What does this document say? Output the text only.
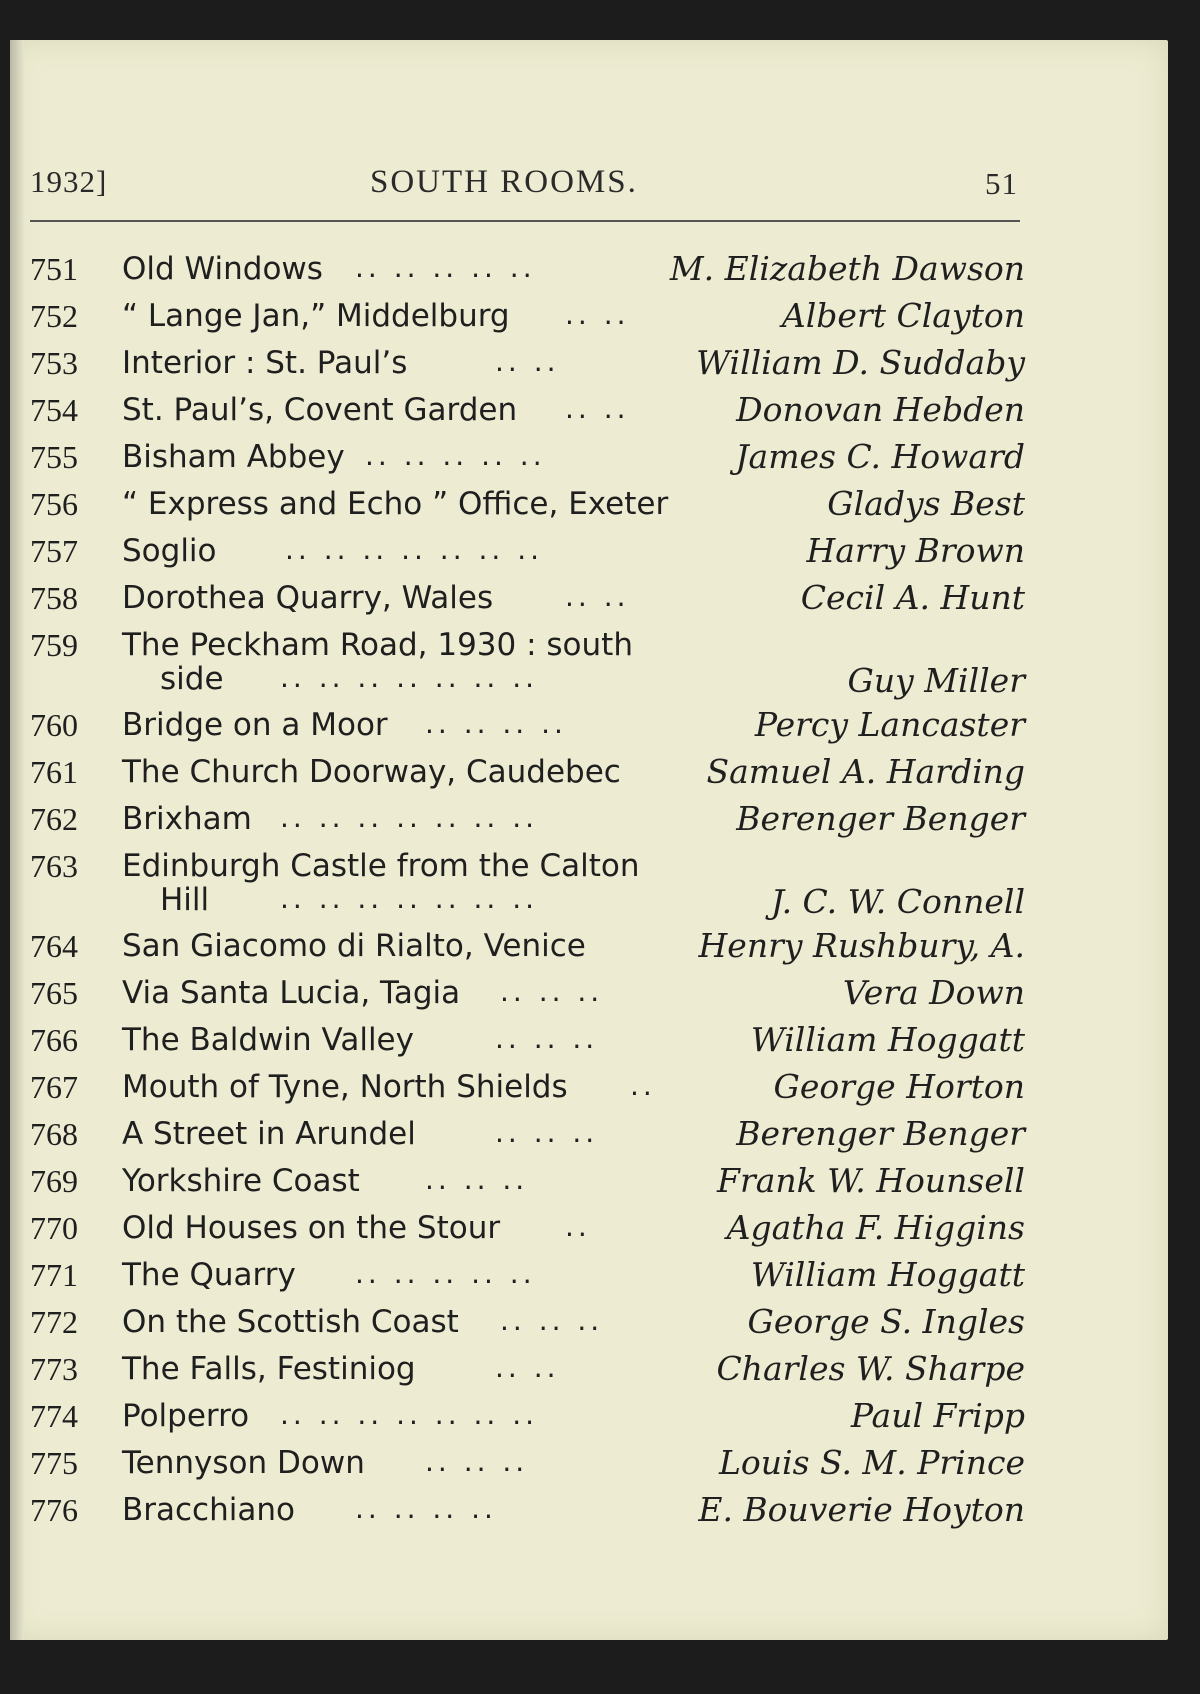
1932]	SOUTH ROOMS.	51
751 Old Windows .. .. .. .. ..	M. Elizabeth Dawson
752 “ Lange Jan,” Middelburg .. ..	Albert Clayton
753 Interior : St. Paul’s	.. ..	William D. Suddaby
754 St. Paul’s, Covent Garden .. ..	Donovan Hebden
755 Bisham Abbey .. .. .. .. ..	James C. Howard
756 “ Express and Echo ” Office, Exeter	Gladys Best
757 Soglio .. .. .. .. .. .. ..	Harry Brown
758 Dorothea Quarry, Wales	.. ..	Cecil A. Hunt
759 The Peckham Road, 1930 : south
side .. .. .. .. .. .. ..	Guy Miller
760 Bridge on a Moor .. .. .. ..	Percy Lancaster
761 The Church Doorway, Caudebec	Samuel A. Harding
762 Brixham .. .. .. .. .. .. ..	Berenger Benger
763 Edinburgh Castle from the Calton
Hill	.. .. .. .. .. .. ..	J. C. W. Connell
764 San Giacomo di Rialto, Venice	Henry Rushbury, A.
765 Via Santa Lucia, Tagia .. .. ..	Vera Down
766 The Baldwin Valley	.. .. ..	William Hoggatt
767 Mouth of Tyne, North Shields ..	George Horton
768 A Street in Arundel	.. .. ..	Berenger Benger
769 Yorkshire Coast .. .. ..	Frank W. Hounsell
770 Old Houses on the Stour ..	Agatha F. Higgins
771 The Quarry .. .. .. .. ..	William Hoggatt
772 On the Scottish Coast .. .. ..	George S. Ingles
773 The Falls, Festiniog	.. ..	Charles W. Sharpe
774 Polperro .. .. .. .. .. .. ..	Paul Fripp
775 Tennyson Down .. .. ..	Louis S. M. Prince
776 Bracchiano .. .. .. ..	E. Bouverie Hoyton
